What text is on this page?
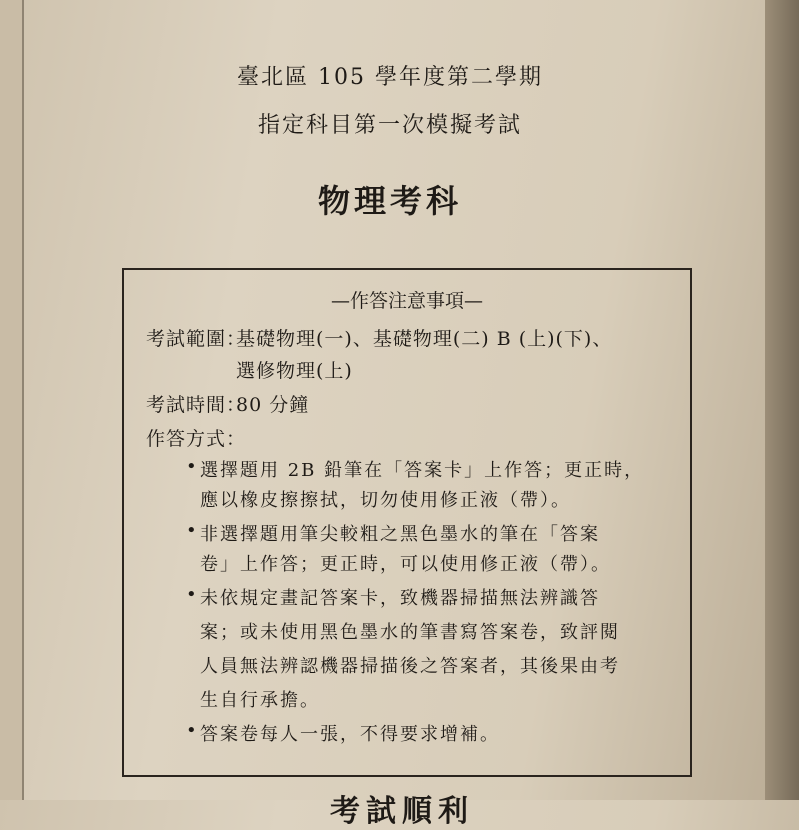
臺北區 105 學年度第二學期
指定科目第一次模擬考試
物理考科
—作答注意事項—
考試範圍：
基礎物理(一)、基礎物理(二) B (上)(下)、
選修物理(上)
考試時間：
80 分鐘
作答方式：
• 選擇題用 2B 鉛筆在「答案卡」上作答；更正時，
應以橡皮擦擦拭，切勿使用修正液（帶）。
• 非選擇題用筆尖較粗之黑色墨水的筆在「答案
卷」上作答；更正時，可以使用修正液（帶）。
• 未依規定畫記答案卡，致機器掃描無法辨識答
案；或未使用黑色墨水的筆書寫答案卷，致評閱
人員無法辨認機器掃描後之答案者，其後果由考
生自行承擔。
• 答案卷每人一張，不得要求增補。
考試順利
